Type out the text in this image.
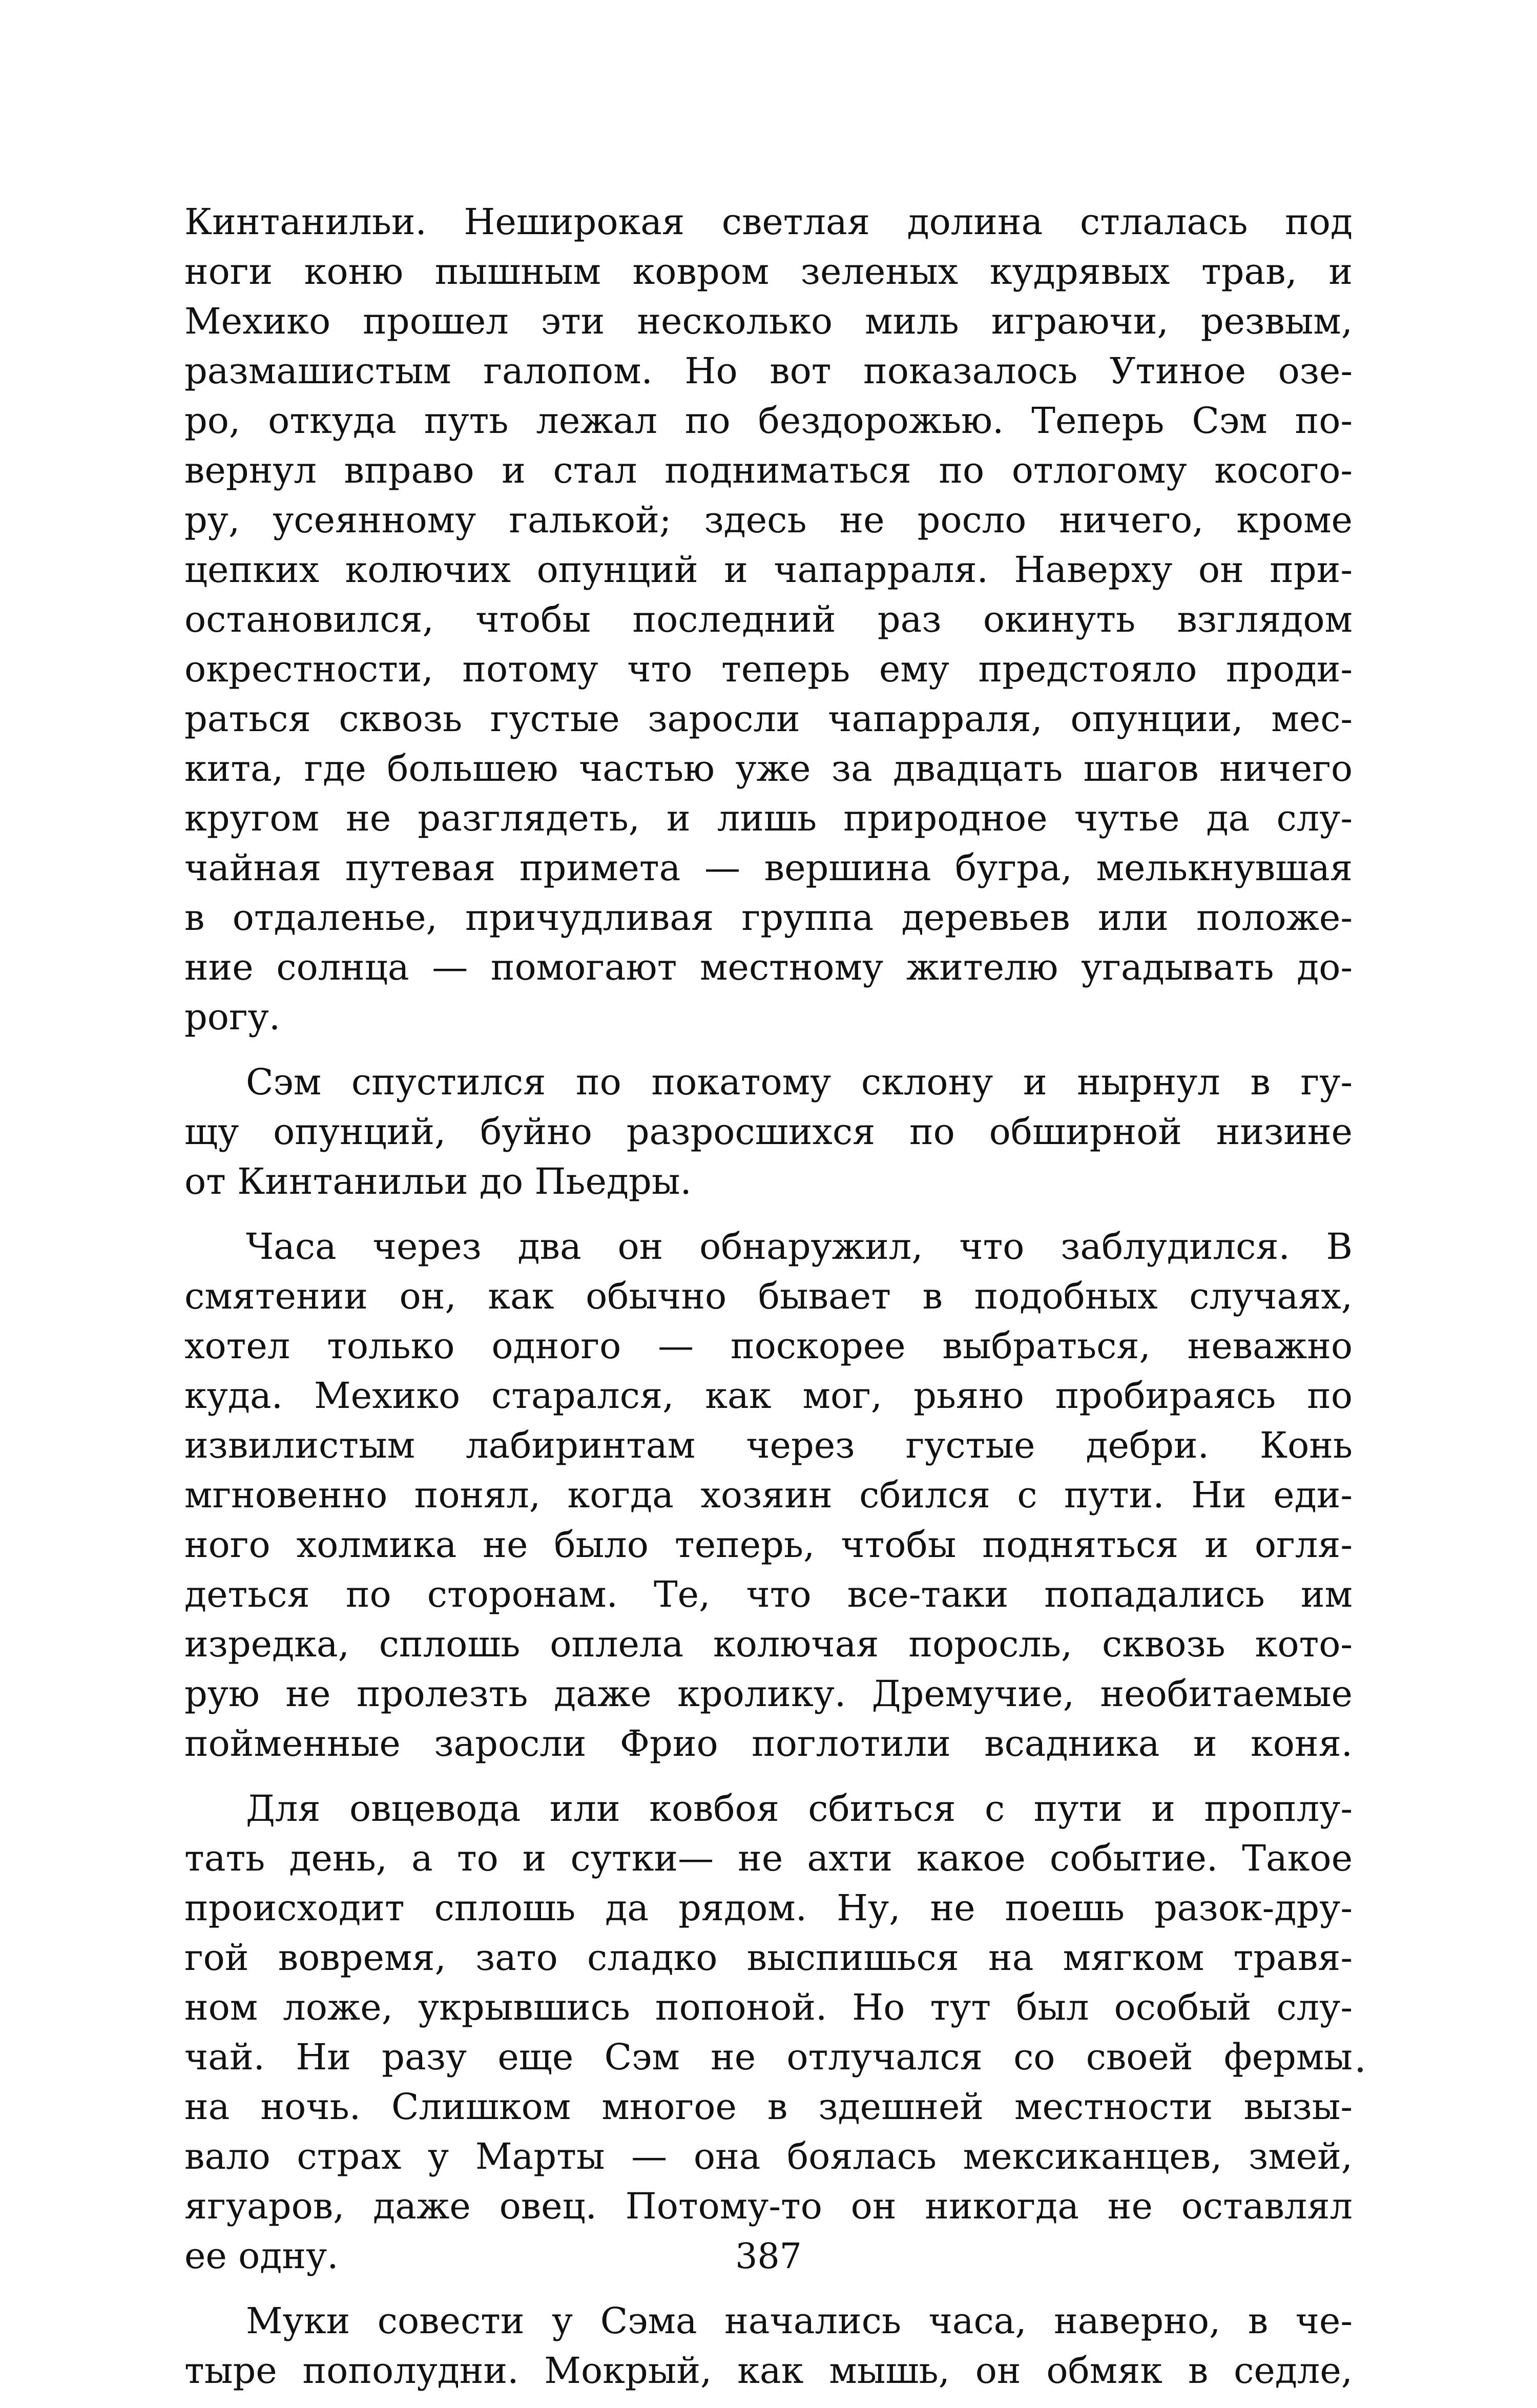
Кинтанильи. Неширокая светлая долина стлалась под
ноги коню пышным ковром зеленых кудрявых трав, и
Мехико прошел эти несколько миль играючи, резвым,
размашистым галопом. Но вот показалось Утиное озе-
ро, откуда путь лежал по бездорожью. Теперь Сэм по-
вернул вправо и стал подниматься по отлогому косого-
ру, усеянному галькой; здесь не росло ничего, кроме
цепких колючих опунций и чапарраля. Наверху он при-
остановился, чтобы последний раз окинуть взглядом
окрестности, потому что теперь ему предстояло проди-
раться сквозь густые заросли чапарраля, опунции, мес-
кита, где большею частью уже за двадцать шагов ничего
кругом не разглядеть, и лишь природное чутье да слу-
чайная путевая примета — вершина бугра, мелькнувшая
в отдаленье, причудливая группа деревьев или положе-
ние солнца — помогают местному жителю угадывать до-
рогу.

Сэм спустился по покатому склону и нырнул в гу-
щу опунций, буйно разросшихся по обширной низине
от Кинтанильи до Пьедры.

Часа через два он обнаружил, что заблудился. В
смятении он, как обычно бывает в подобных случаях,
хотел только одного — поскорее выбраться, неважно
куда. Мехико старался, как мог, рьяно пробираясь по
извилистым лабиринтам через густые дебри. Конь
мгновенно понял, когда хозяин сбился с пути. Ни еди-
ного холмика не было теперь, чтобы подняться и огля-
деться по сторонам. Те, что все-таки попадались им
изредка, сплошь оплела колючая поросль, сквозь кото-
рую не пролезть даже кролику. Дремучие, необитаемые
пойменные заросли Фрио поглотили всадника и коня.

Для овцевода или ковбоя сбиться с пути и проплу-
тать день, а то и сутки— не ахти какое событие. Такое
происходит сплошь да рядом. Ну, не поешь разок-дру-
гой вовремя, зато сладко выспишься на мягком травя-
ном ложе, укрывшись попоной. Но тут был особый слу-
чай. Ни разу еще Сэм не отлучался со своей фермы
на ночь. Слишком многое в здешней местности вызы-
вало страх у Марты — она боялась мексиканцев, змей,
ягуаров, даже овец. Потому-то он никогда не оставлял
ее одну.

Муки совести у Сэма начались часа, наверно, в че-
тыре пополудни. Мокрый, как мышь, он обмяк в седле,

387
